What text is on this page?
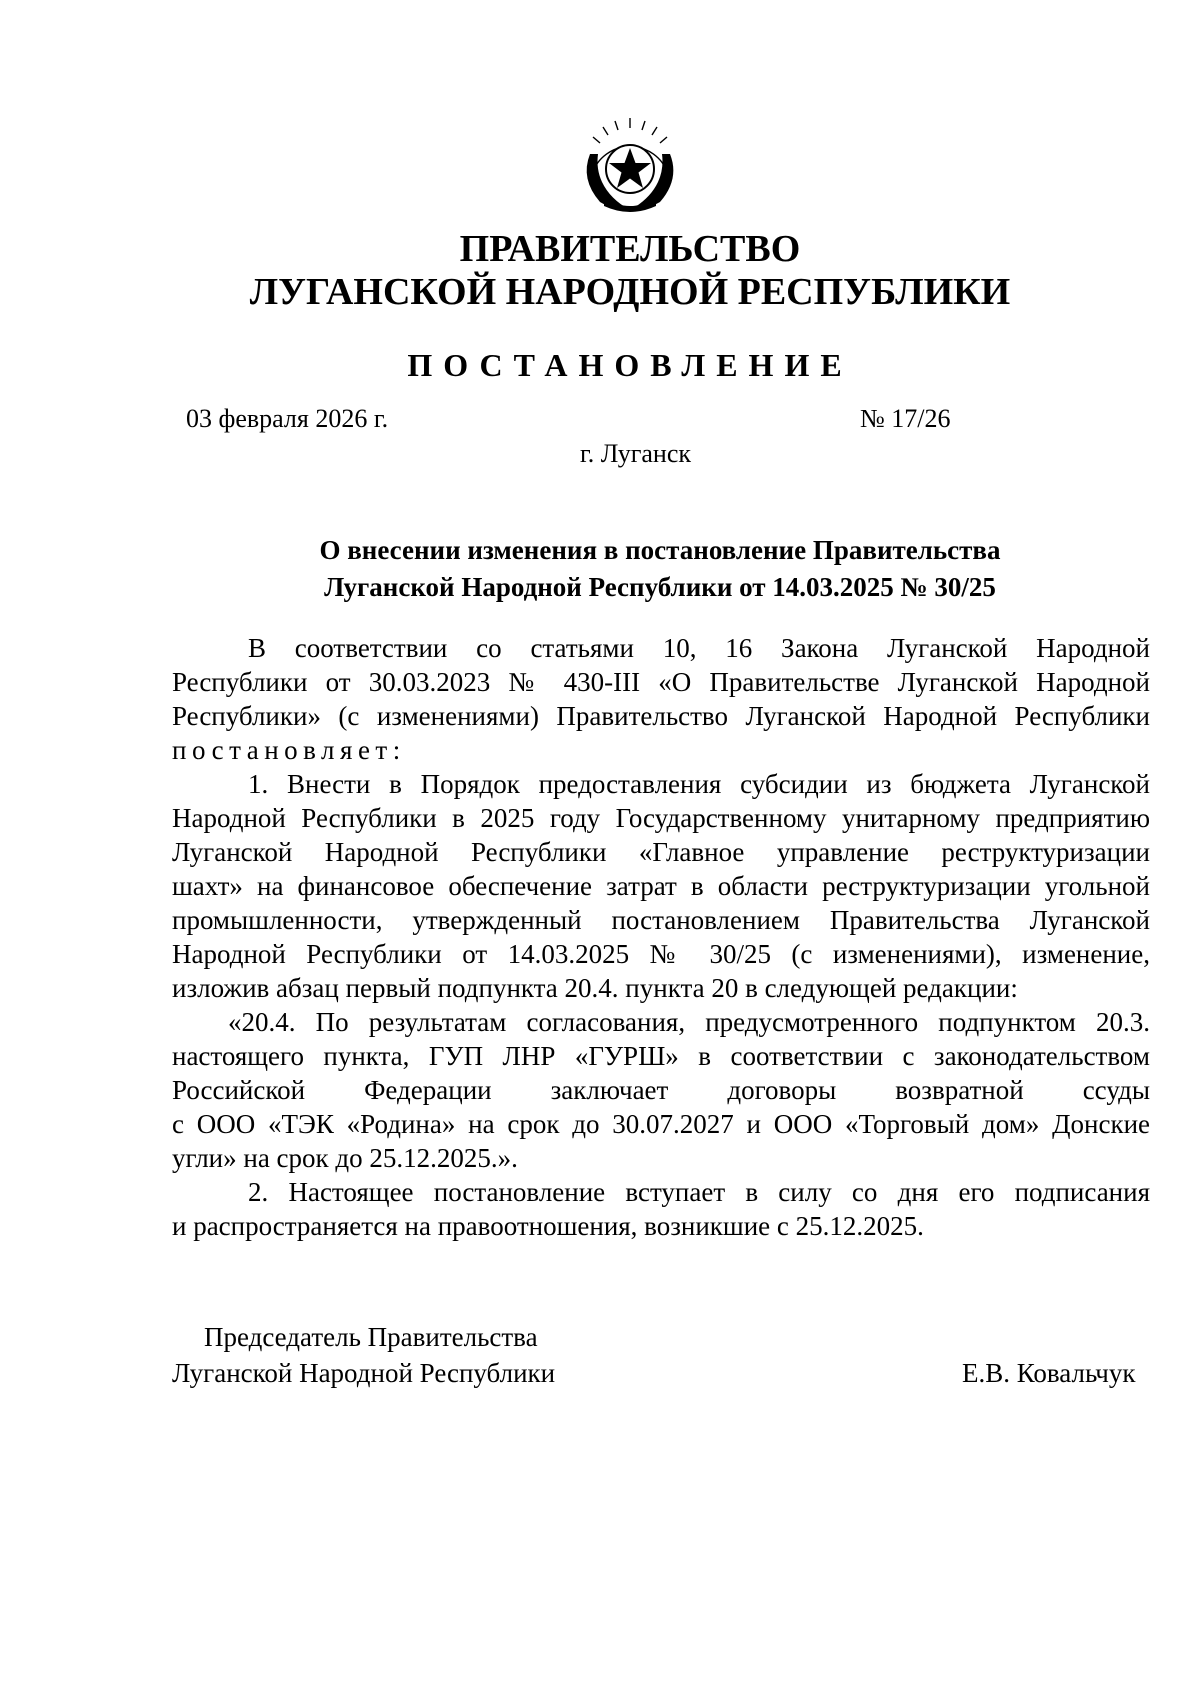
ПРАВИТЕЛЬСТВО
ЛУГАНСКОЙ НАРОДНОЙ РЕСПУБЛИКИ
ПОСТАНОВЛЕНИЕ
03 февраля 2026 г.	№ 17/26
г. Луганск
О внесении изменения в постановление Правительства
Луганской Народной Республики от 14.03.2025 № 30/25
В соответствии со статьями 10, 16 Закона Луганской Народной
Республики от 30.03.2023 № 430-III «О Правительстве Луганской Народной
Республики» (с изменениями) Правительство Луганской Народной Республики
постановляет:
1. Внести в Порядок предоставления субсидии из бюджета Луганской
Народной Республики в 2025 году Государственному унитарному предприятию
Луганской Народной Республики «Главное управление реструктуризации
шахт» на финансовое обеспечение затрат в области реструктуризации угольной
промышленности, утвержденный постановлением Правительства Луганской
Народной Республики от 14.03.2025 № 30/25 (с изменениями), изменение,
изложив абзац первый подпункта 20.4. пункта 20 в следующей редакции:
«20.4. По результатам согласования, предусмотренного подпунктом 20.3.
настоящего пункта, ГУП ЛНР «ГУРШ» в соответствии с законодательством
Российской Федерации заключает договоры возвратной ссуды
с ООО «ТЭК «Родина» на срок до 30.07.2027 и ООО «Торговый дом» Донские
угли» на срок до 25.12.2025.».
2. Настоящее постановление вступает в силу со дня его подписания
и распространяется на правоотношения, возникшие с 25.12.2025.
Председатель Правительства
Луганской Народной Республики	Е.В. Ковальчук
